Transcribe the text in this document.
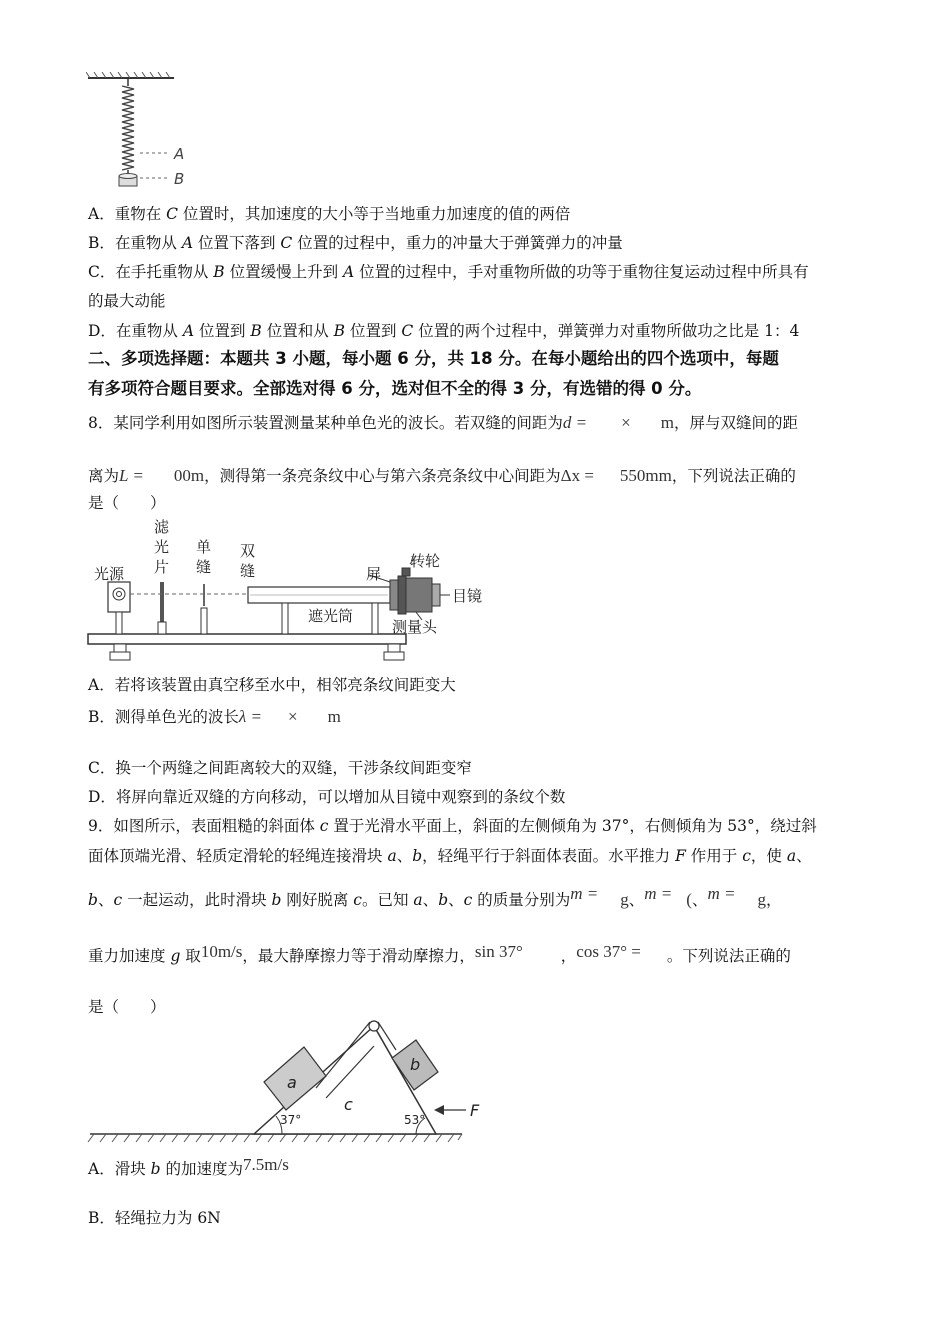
A
B
A．重物在 C 位置时，其加速度的大小等于当地重力加速度的值的两倍
B．在重物从 A 位置下落到 C 位置的过程中，重力的冲量大于弹簧弹力的冲量
C．在手托重物从 B 位置缓慢上升到 A 位置的过程中，手对重物所做的功等于重物往复运动过程中所具有
的最大动能
D．在重物从 A 位置到 B 位置和从 B 位置到 C 位置的两个过程中，弹簧弹力对重物所做功之比是 1：4
二、多项选择题：本题共 3 小题，每小题 6 分，共 18 分。在每小题给出的四个选项中，每题
有多项符合题目要求。全部选对得 6 分，选对但不全的得 3 分，有选错的得 0 分。
8．某同学利用如图所示装置测量某种单色光的波长。若双缝的间距为d = × m，屏与双缝间的距
离为L = 00m，测得第一条亮条纹中心与第六条亮条纹中心间距为Δx = 550mm，下列说法正确的
是（　　）
光源
滤
光
片
单
缝
双
缝	屏
转轮
目镜
遮光筒
测量头
A．若将该装置由真空移至水中，相邻亮条纹间距变大
B．测得单色光的波长λ = × m
C．换一个两缝之间距离较大的双缝，干涉条纹间距变窄
D．将屏向靠近双缝的方向移动，可以增加从目镜中观察到的条纹个数
9．如图所示，表面粗糙的斜面体 c 置于光滑水平面上，斜面的左侧倾角为 37°，右侧倾角为 53°，绕过斜
面体顶端光滑、轻质定滑轮的轻绳连接滑块 a、b，轻绳平行于斜面体表面。水平推力 F 作用于 c，使 a、
b、c 一起运动，此时滑块 b 刚好脱离 c。已知 a、b、c 的质量分别为m = g、m = (、m = g，
重力加速度 g 取10m/s，最大静摩擦力等于滑动摩擦力，sin 37° ，cos 37° = 。下列说法正确的
是（　　）
a
b
c
37°	53°	F
A．滑块 b 的加速度为7.5m/s
B．轻绳拉力为 6N
